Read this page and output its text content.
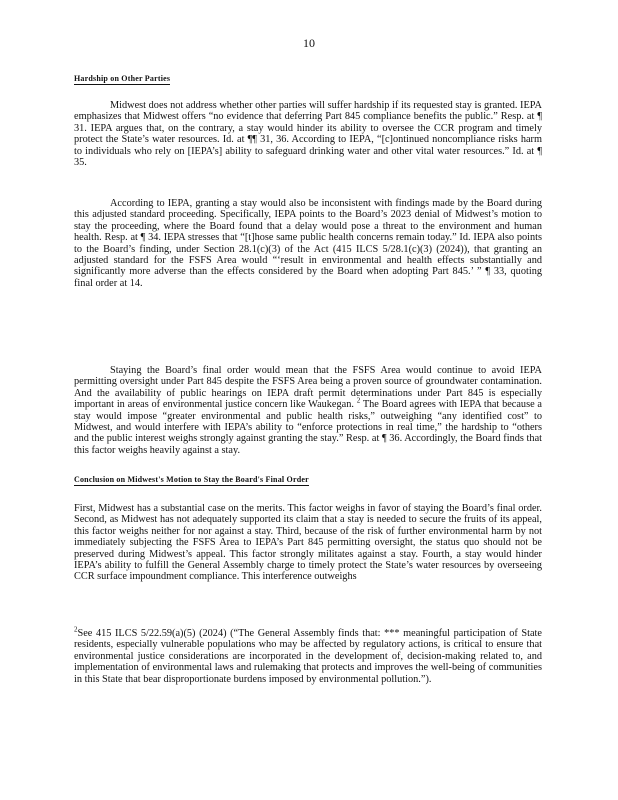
10
Hardship on Other Parties

Midwest does not address whether other parties will suffer hardship if its requested stay is granted. IEPA emphasizes that Midwest offers “no evidence that deferring Part 845 compliance benefits the public.” Resp. at ¶ 31. IEPA argues that, on the contrary, a stay would hinder its ability to oversee the CCR program and timely protect the State’s water resources. Id. at ¶¶ 31, 36. According to IEPA, “[c]ontinued noncompliance risks harm to individuals who rely on [IEPA’s] ability to safeguard drinking water and other vital water resources.” Id. at ¶ 35.

According to IEPA, granting a stay would also be inconsistent with findings made by the Board during this adjusted standard proceeding. Specifically, IEPA points to the Board’s 2023 denial of Midwest’s motion to stay the proceeding, where the Board found that a delay would pose a threat to the environment and human health. Resp. at ¶ 34. IEPA stresses that “[t]hose same public health concerns remain today.” Id. IEPA also points to the Board’s finding, under Section 28.1(c)(3) of the Act (415 ILCS 5/28.1(c)(3) (2024)), that granting an adjusted standard for the FSFS Area would “‘result in environmental and health effects substantially and significantly more adverse than the effects considered by the Board when adopting Part 845.’ ” ¶ 33, quoting final order at 14.

Staying the Board’s final order would mean that the FSFS Area would continue to avoid IEPA permitting oversight under Part 845 despite the FSFS Area being a proven source of groundwater contamination. And the availability of public hearings on IEPA draft permit determinations under Part 845 is especially important in areas of environmental justice concern like Waukegan. $^2$ The Board agrees with IEPA that because a stay would impose “greater environmental and public health risks,” outweighing “any identified cost” to Midwest, and would interfere with IEPA’s ability to “enforce protections in real time,” the hardship to “others and the public interest weighs strongly against granting the stay.” Resp. at ¶ 36. Accordingly, the Board finds that this factor weighs heavily against a stay.

Conclusion on Midwest's Motion to Stay the Board's Final Order

First, Midwest has a substantial case on the merits. This factor weighs in favor of staying the Board’s final order. Second, as Midwest has not adequately supported its claim that a stay is needed to secure the fruits of its appeal, this factor weighs neither for nor against a stay. Third, because of the risk of further environmental harm by not immediately subjecting the FSFS Area to IEPA’s Part 845 permitting oversight, the status quo should not be preserved during Midwest’s appeal. This factor strongly militates against a stay. Fourth, a stay would hinder IEPA’s ability to fulfill the General Assembly charge to timely protect the State’s water resources by overseeing CCR surface impoundment compliance. This interference outweighs

$^2$See 415 ILCS 5/22.59(a)(5) (2024) (“The General Assembly finds that: *** meaningful participation of State residents, especially vulnerable populations who may be affected by regulatory actions, is critical to ensure that environmental justice considerations are incorporated in the development of, decision-making related to, and implementation of environmental laws and rulemaking that protects and improves the well-being of communities in this State that bear disproportionate burdens imposed by environmental pollution.”).
